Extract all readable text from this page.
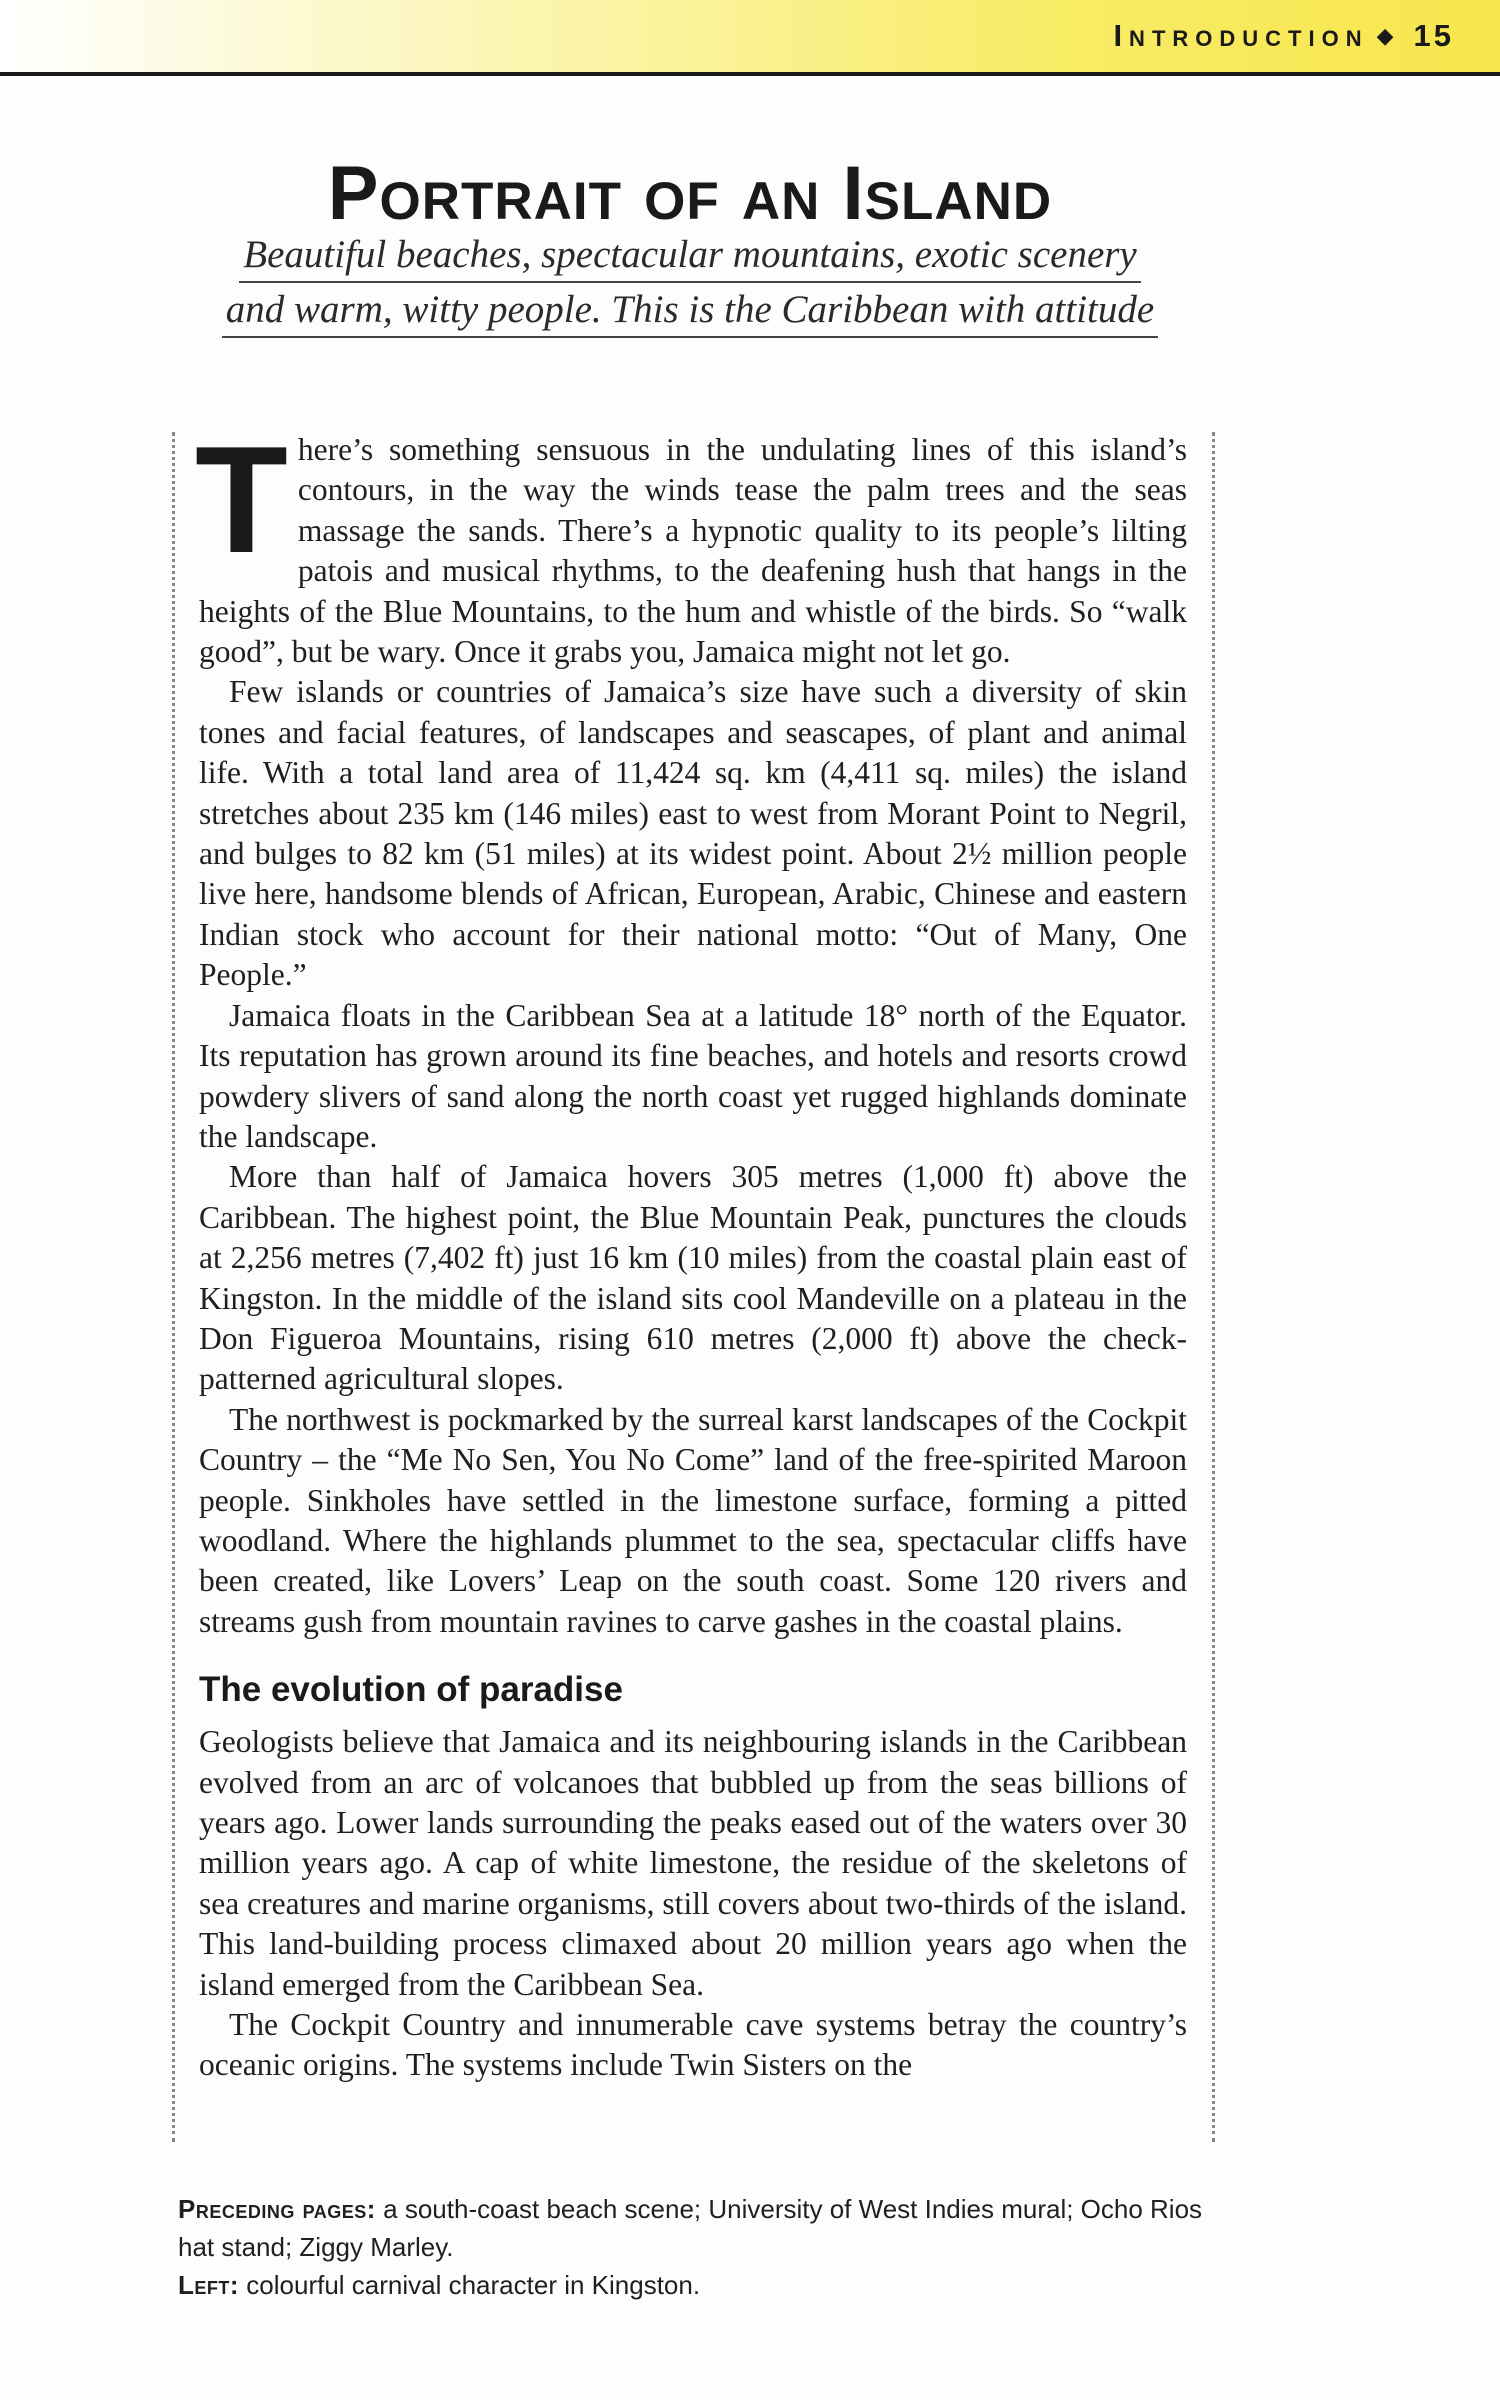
Introduction ◆ 15
Portrait of an Island
Beautiful beaches, spectacular mountains, exotic scenery
and warm, witty people. This is the Caribbean with attitude

There’s something sensuous in the undulating lines of this island’s contours, in the way the winds tease the palm trees and the seas massage the sands. There’s a hypnotic quality to its people’s lilting patois and musical rhythms, to the deafening hush that hangs in the heights of the Blue Mountains, to the hum and whistle of the birds. So “walk good”, but be wary. Once it grabs you, Jamaica might not let go.

Few islands or countries of Jamaica’s size have such a diversity of skin tones and facial features, of landscapes and seascapes, of plant and animal life. With a total land area of 11,424 sq. km (4,411 sq. miles) the island stretches about 235 km (146 miles) east to west from Morant Point to Negril, and bulges to 82 km (51 miles) at its widest point. About 2½ million people live here, handsome blends of African, European, Arabic, Chinese and eastern Indian stock who account for their national motto: “Out of Many, One People.”

Jamaica floats in the Caribbean Sea at a latitude 18° north of the Equator. Its reputation has grown around its fine beaches, and hotels and resorts crowd powdery slivers of sand along the north coast yet rugged highlands dominate the landscape.

More than half of Jamaica hovers 305 metres (1,000 ft) above the Caribbean. The highest point, the Blue Mountain Peak, punctures the clouds at 2,256 metres (7,402 ft) just 16 km (10 miles) from the coastal plain east of Kingston. In the middle of the island sits cool Mandeville on a plateau in the Don Figueroa Mountains, rising 610 metres (2,000 ft) above the check-patterned agricultural slopes.

The northwest is pockmarked by the surreal karst landscapes of the Cockpit Country – the “Me No Sen, You No Come” land of the free-spirited Maroon people. Sinkholes have settled in the limestone surface, forming a pitted woodland. Where the highlands plummet to the sea, spectacular cliffs have been created, like Lovers’ Leap on the south coast. Some 120 rivers and streams gush from mountain ravines to carve gashes in the coastal plains.

The evolution of paradise

Geologists believe that Jamaica and its neighbouring islands in the Caribbean evolved from an arc of volcanoes that bubbled up from the seas billions of years ago. Lower lands surrounding the peaks eased out of the waters over 30 million years ago. A cap of white limestone, the residue of the skeletons of sea creatures and marine organisms, still covers about two-thirds of the island. This land-building process climaxed about 20 million years ago when the island emerged from the Caribbean Sea.

The Cockpit Country and innumerable cave systems betray the country’s oceanic origins. The systems include Twin Sisters on the

Preceding pages: a south-coast beach scene; University of West Indies mural; Ocho Rios hat stand; Ziggy Marley.

Left: colourful carnival character in Kingston.
